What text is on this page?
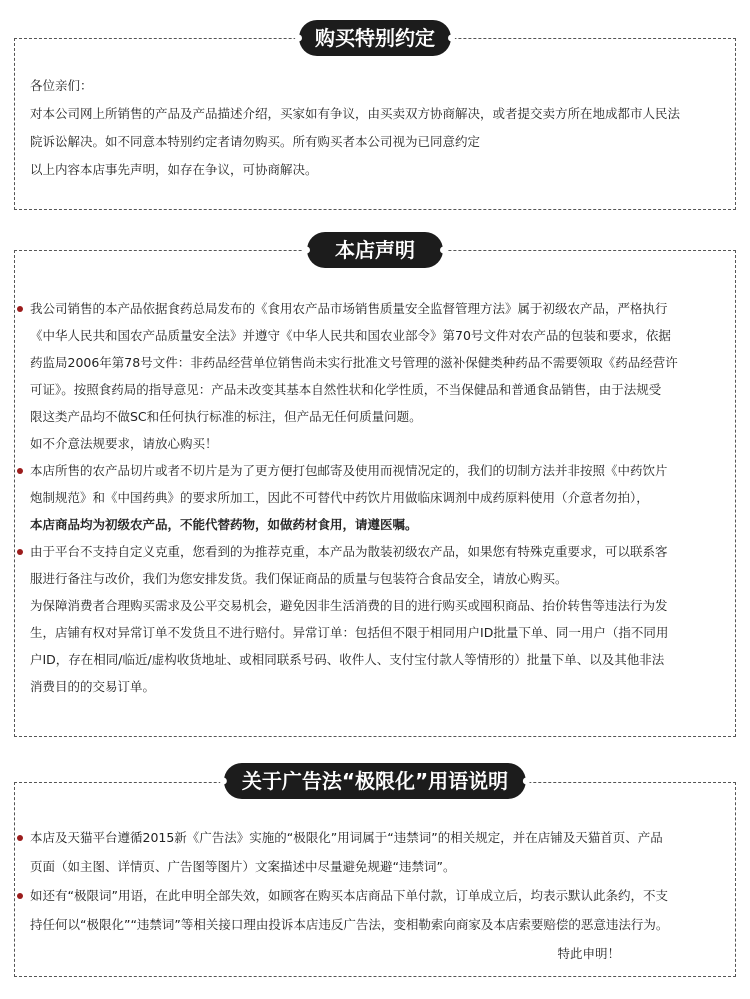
购买特别约定
各位亲们：
对本公司网上所销售的产品及产品描述介绍，买家如有争议，由买卖双方协商解决，或者提交卖方所在地成都市人民法
院诉讼解决。如不同意本特别约定者请勿购买。所有购买者本公司视为已同意约定
以上内容本店事先声明，如存在争议，可协商解决。
本店声明
我公司销售的本产品依据食药总局发布的《食用农产品市场销售质量安全监督管理方法》属于初级农产品，严格执行
《中华人民共和国农产品质量安全法》并遵守《中华人民共和国农业部令》第70号文件对农产品的包装和要求，依据
药监局2006年第78号文件：非药品经营单位销售尚未实行批准文号管理的滋补保健类种药品不需要领取《药品经营许
可证》。按照食药局的指导意见：产品未改变其基本自然性状和化学性质，不当保健品和普通食品销售，由于法规受
限这类产品均不做SC和任何执行标准的标注，但产品无任何质量问题。
如不介意法规要求，请放心购买！
本店所售的农产品切片或者不切片是为了更方便打包邮寄及使用而视情况定的，我们的切制方法并非按照《中药饮片
炮制规范》和《中国药典》的要求所加工，因此不可替代中药饮片用做临床调剂中成药原料使用（介意者勿拍），
本店商品均为初级农产品，不能代替药物，如做药材食用，请遵医嘱。
由于平台不支持自定义克重，您看到的为推荐克重，本产品为散装初级农产品，如果您有特殊克重要求，可以联系客
服进行备注与改价，我们为您安排发货。我们保证商品的质量与包装符合食品安全，请放心购买。
为保障消费者合理购买需求及公平交易机会，避免因非生活消费的目的进行购买或囤积商品、抬价转售等违法行为发
生，店铺有权对异常订单不发货且不进行赔付。异常订单：包括但不限于相同用户ID批量下单、同一用户（指不同用
户ID，存在相同/临近/虚构收货地址、或相同联系号码、收件人、支付宝付款人等情形的）批量下单、以及其他非法
消费目的的交易订单。
关于广告法“极限化”用语说明
本店及天猫平台遵循2015新《广告法》实施的“极限化”用词属于“违禁词”的相关规定，并在店铺及天猫首页、产品
页面（如主图、详情页、广告图等图片）文案描述中尽量避免规避“违禁词”。
如还有“极限词”用语，在此申明全部失效，如顾客在购买本店商品下单付款，订单成立后，均表示默认此条约，不支
持任何以“极限化”“违禁词”等相关接口理由投诉本店违反广告法，变相勒索向商家及本店索要赔偿的恶意违法行为。
特此申明！
